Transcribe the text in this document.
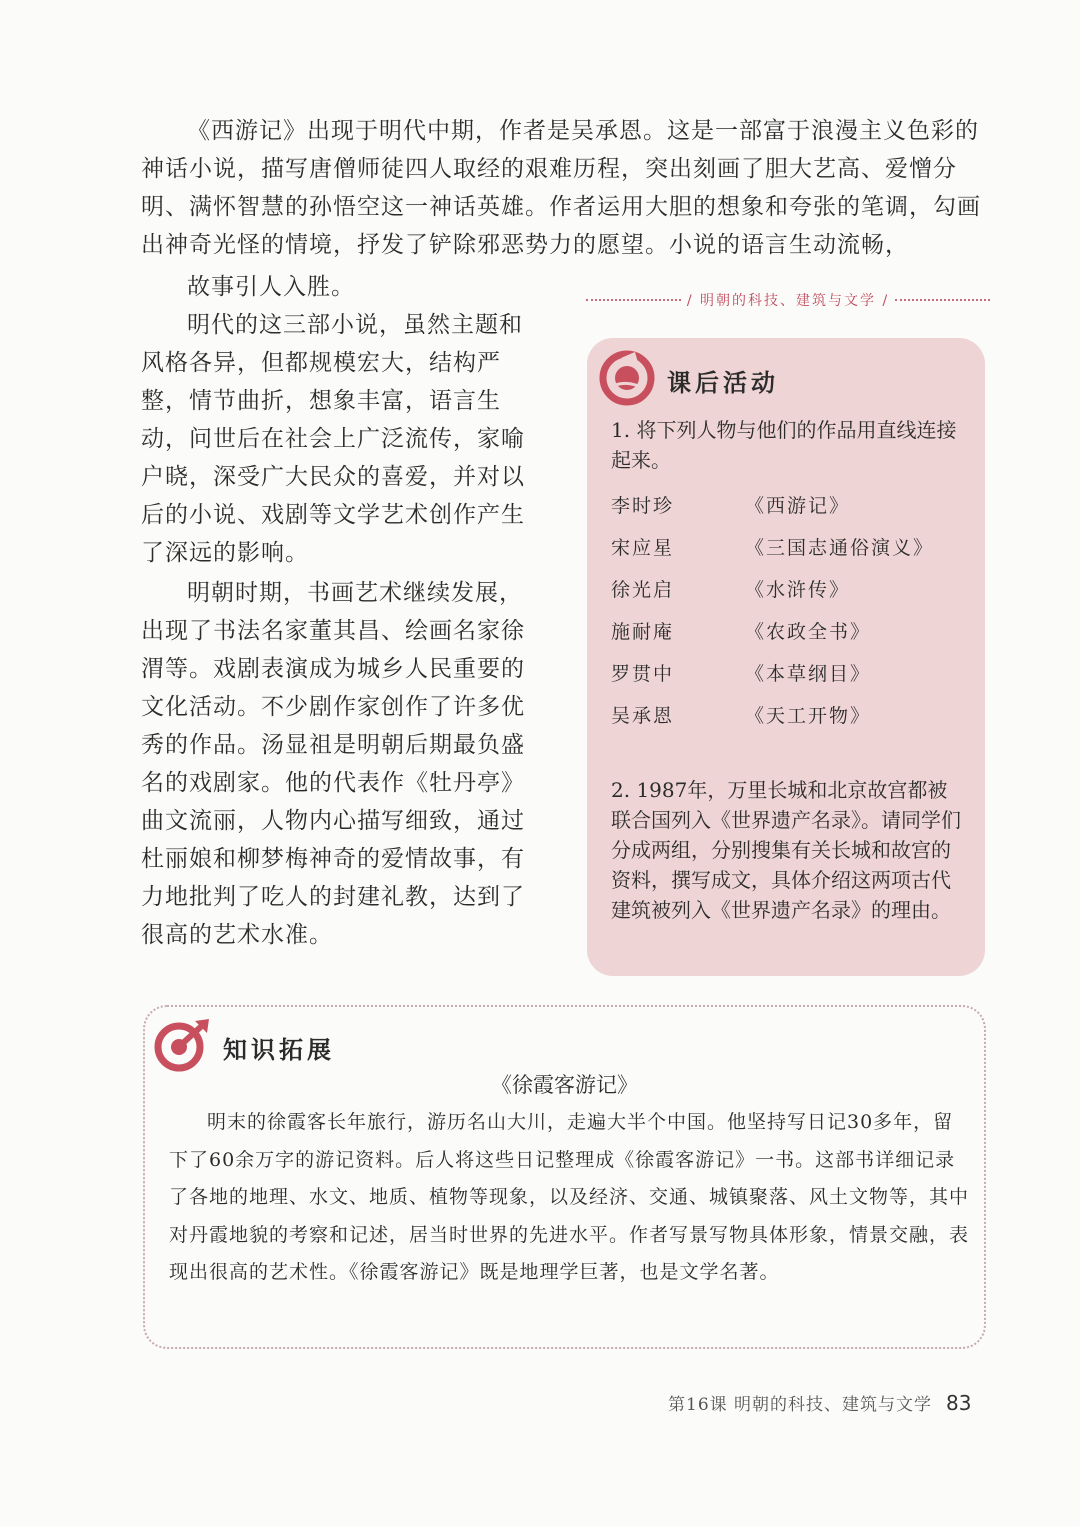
《西游记》出现于明代中期，作者是吴承恩。这是一部富于浪漫主义色彩的神话小说，描写唐僧师徒四人取经的艰难历程，突出刻画了胆大艺高、爱憎分明、满怀智慧的孙悟空这一神话英雄。作者运用大胆的想象和夸张的笔调，勾画出神奇光怪的情境，抒发了铲除邪恶势力的愿望。小说的语言生动流畅，
故事引人入胜。

/ 明朝的科技、建筑与文学 /

明代的这三部小说，虽然主题和风格各异，但都规模宏大，结构严整，情节曲折，想象丰富，语言生动，问世后在社会上广泛流传，家喻户晓，深受广大民众的喜爱，并对以后的小说、戏剧等文学艺术创作产生了深远的影响。

明朝时期，书画艺术继续发展，出现了书法名家董其昌、绘画名家徐渭等。戏剧表演成为城乡人民重要的文化活动。不少剧作家创作了许多优秀的作品。汤显祖是明朝后期最负盛名的戏剧家。他的代表作《牡丹亭》曲文流丽，人物内心描写细致，通过杜丽娘和柳梦梅神奇的爱情故事，有力地批判了吃人的封建礼教，达到了很高的艺术水准。

课后活动

1. 将下列人物与他们的作品用直线连接起来。

李时珍	《西游记》
宋应星	《三国志通俗演义》
徐光启	《水浒传》
施耐庵	《农政全书》
罗贯中	《本草纲目》
吴承恩	《天工开物》

2. 1987年，万里长城和北京故宫都被联合国列入《世界遗产名录》。请同学们分成两组，分别搜集有关长城和故宫的资料，撰写成文，具体介绍这两项古代建筑被列入《世界遗产名录》的理由。

知识拓展
《徐霞客游记》

明末的徐霞客长年旅行，游历名山大川，走遍大半个中国。他坚持写日记30多年，留下了60余万字的游记资料。后人将这些日记整理成《徐霞客游记》一书。这部书详细记录了各地的地理、水文、地质、植物等现象，以及经济、交通、城镇聚落、风土文物等，其中对丹霞地貌的考察和记述，居当时世界的先进水平。作者写景写物具体形象，情景交融，表现出很高的艺术性。《徐霞客游记》既是地理学巨著，也是文学名著。

第16课 明朝的科技、建筑与文学 83
